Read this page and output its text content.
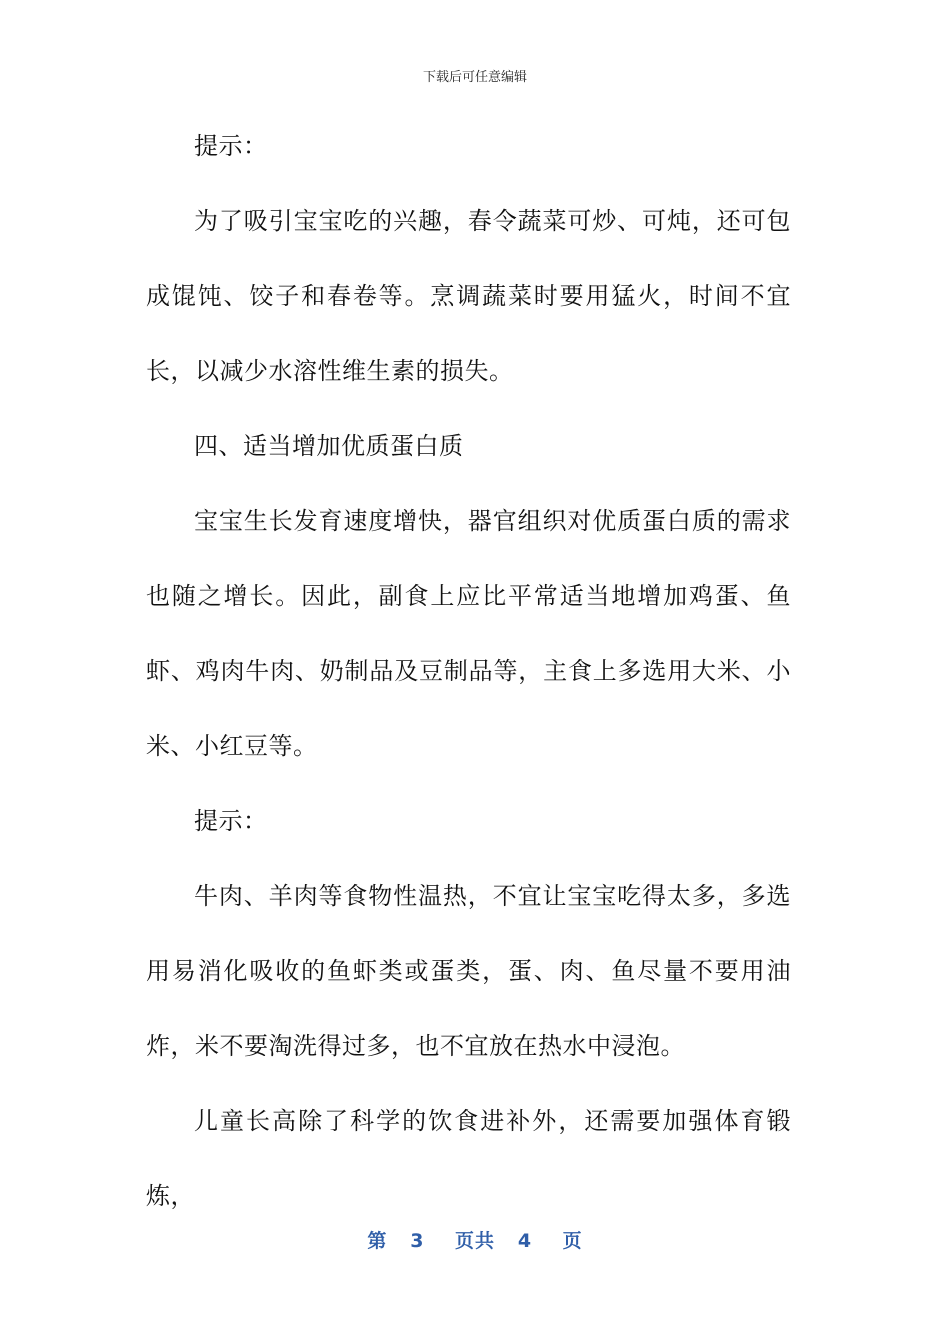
下载后可任意编辑

提示：

为了吸引宝宝吃的兴趣，春令蔬菜可炒、可炖，还可包成馄饨、饺子和春卷等。烹调蔬菜时要用猛火，时间不宜长，以减少水溶性维生素的损失。

四、适当增加优质蛋白质

宝宝生长发育速度增快，器官组织对优质蛋白质的需求也随之增长。因此，副食上应比平常适当地增加鸡蛋、鱼虾、鸡肉牛肉、奶制品及豆制品等，主食上多选用大米、小米、小红豆等。

提示：

牛肉、羊肉等食物性温热，不宜让宝宝吃得太多，多选用易消化吸收的鱼虾类或蛋类，蛋、肉、鱼尽量不要用油炸，米不要淘洗得过多，也不宜放在热水中浸泡。

儿童长高除了科学的饮食进补外，还需要加强体育锻炼，

第 3 页共 4 页
